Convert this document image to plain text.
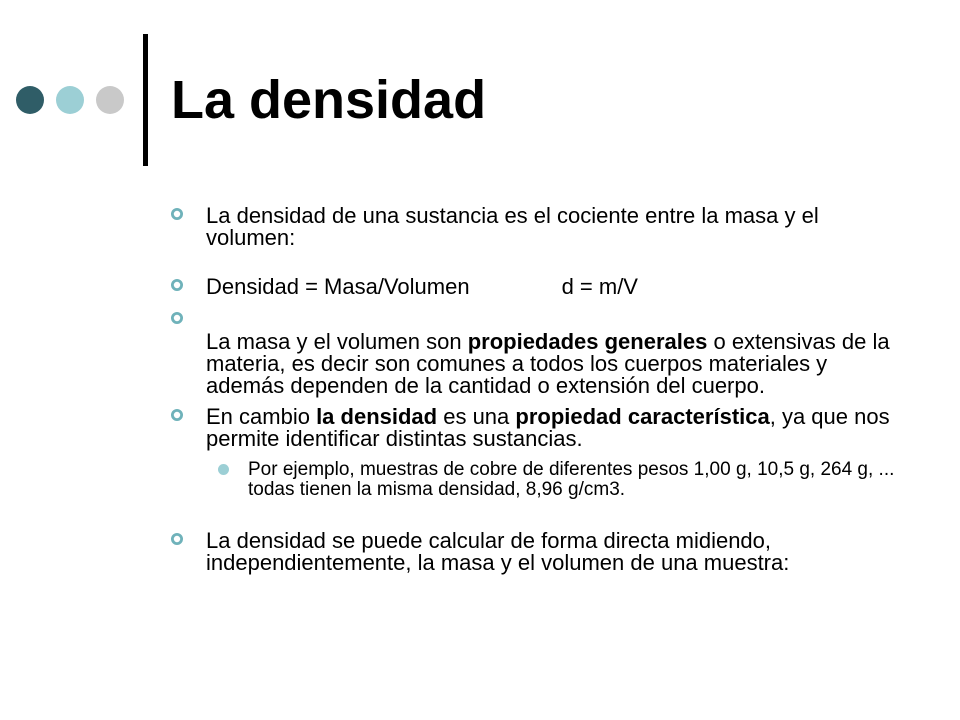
La densidad

La densidad de una sustancia es el cociente entre la masa y el volumen:

Densidad = Masa/Volumen	d = m/V

La masa y el volumen son propiedades generales o extensivas de la materia, es decir son comunes a todos los cuerpos materiales y además dependen de la cantidad o extensión del cuerpo.

En cambio la densidad es una propiedad característica, ya que nos permite identificar distintas sustancias.

Por ejemplo, muestras de cobre de diferentes pesos 1,00 g, 10,5 g, 264 g, ... todas tienen la misma densidad, 8,96 g/cm3.

La densidad se puede calcular de forma directa midiendo, independientemente, la masa y el volumen de una muestra:
